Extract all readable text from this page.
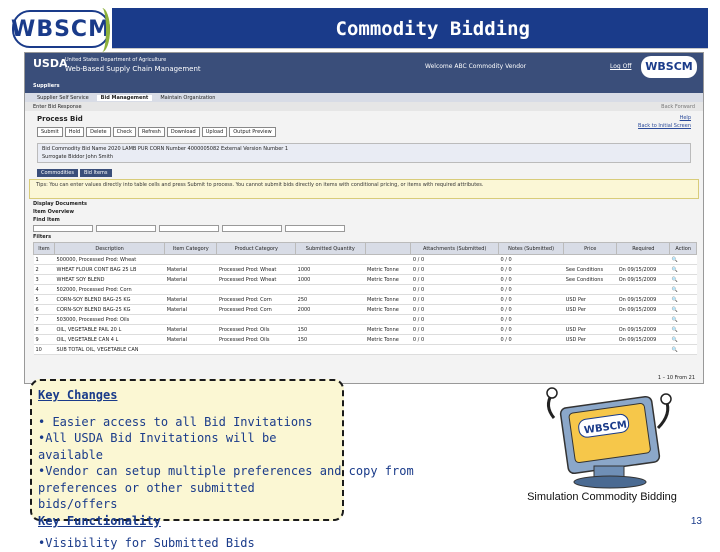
WBSCM	Commodity Bidding
USDA
United States Department of Agriculture
Web-Based Supply Chain Management	Welcome ABC Commodity Vendor	Log Off	WBSCM
Suppliers
Supplier Self Service	Bid Management	Maintain Organization
Enter Bid Response	Back Forward
Process Bid	Help
Back to Initial Screen
Submit	Hold	Delete	Check	Refresh	Download	Upload	Output Preview
Bid Commodity Bid Name 2020 LAMB PUR CORN Number 4000005082 External Version Number 1
Surrogate Biddor John Smith
Commodities	Bid Items
Tips: You can enter values directly into table cells and press Submit to process. You cannot submit bids directly on items with conditional pricing, or items with required attributes.
Display Documents
Item Overview
Find Item
Filters
Item	Description	Item Category	Product Category	Submitted Quantity		Attachments (Submitted)	Notes (Submitted)	Price	Required	Action
1	500000, Processed Prod: Wheat					0 / 0	0 / 0			🔍
2	WHEAT FLOUR CONT BAG 25 LB	Material	Processed Prod: Wheat	1000	Metric Tonne	0 / 0	0 / 0	See Conditions	On 09/15/2009	🔍
3	WHEAT SOY BLEND	Material	Processed Prod: Wheat	1000	Metric Tonne	0 / 0	0 / 0	See Conditions	On 09/15/2009	🔍
4	502000, Processed Prod: Corn					0 / 0	0 / 0			🔍
5	CORN-SOY BLEND BAG-25 KG	Material	Processed Prod: Corn	250	Metric Tonne	0 / 0	0 / 0	USD Per	On 09/15/2009	🔍
6	CORN-SOY BLEND BAG-25 KG	Material	Processed Prod: Corn	2000	Metric Tonne	0 / 0	0 / 0	USD Per	On 09/15/2009	🔍
7	503000, Processed Prod: Oils					0 / 0	0 / 0			🔍
8	OIL, VEGETABLE PAIL 20 L	Material	Processed Prod: Oils	150	Metric Tonne	0 / 0	0 / 0	USD Per	On 09/15/2009	🔍
9	OIL, VEGETABLE CAN 4 L	Material	Processed Prod: Oils	150	Metric Tonne	0 / 0	0 / 0	USD Per	On 09/15/2009	🔍
10	SUB TOTAL OIL, VEGETABLE CAN									🔍
1 – 10 From 21
Key Changes
• Easier access to all Bid Invitations
•All USDA Bid Invitations will be available
•Vendor can setup multiple preferences and copy from
preferences or other submitted bids/offers
Key Functionality
•Visibility for Submitted Bids
WBSCM
Simulation Commodity Bidding
13
